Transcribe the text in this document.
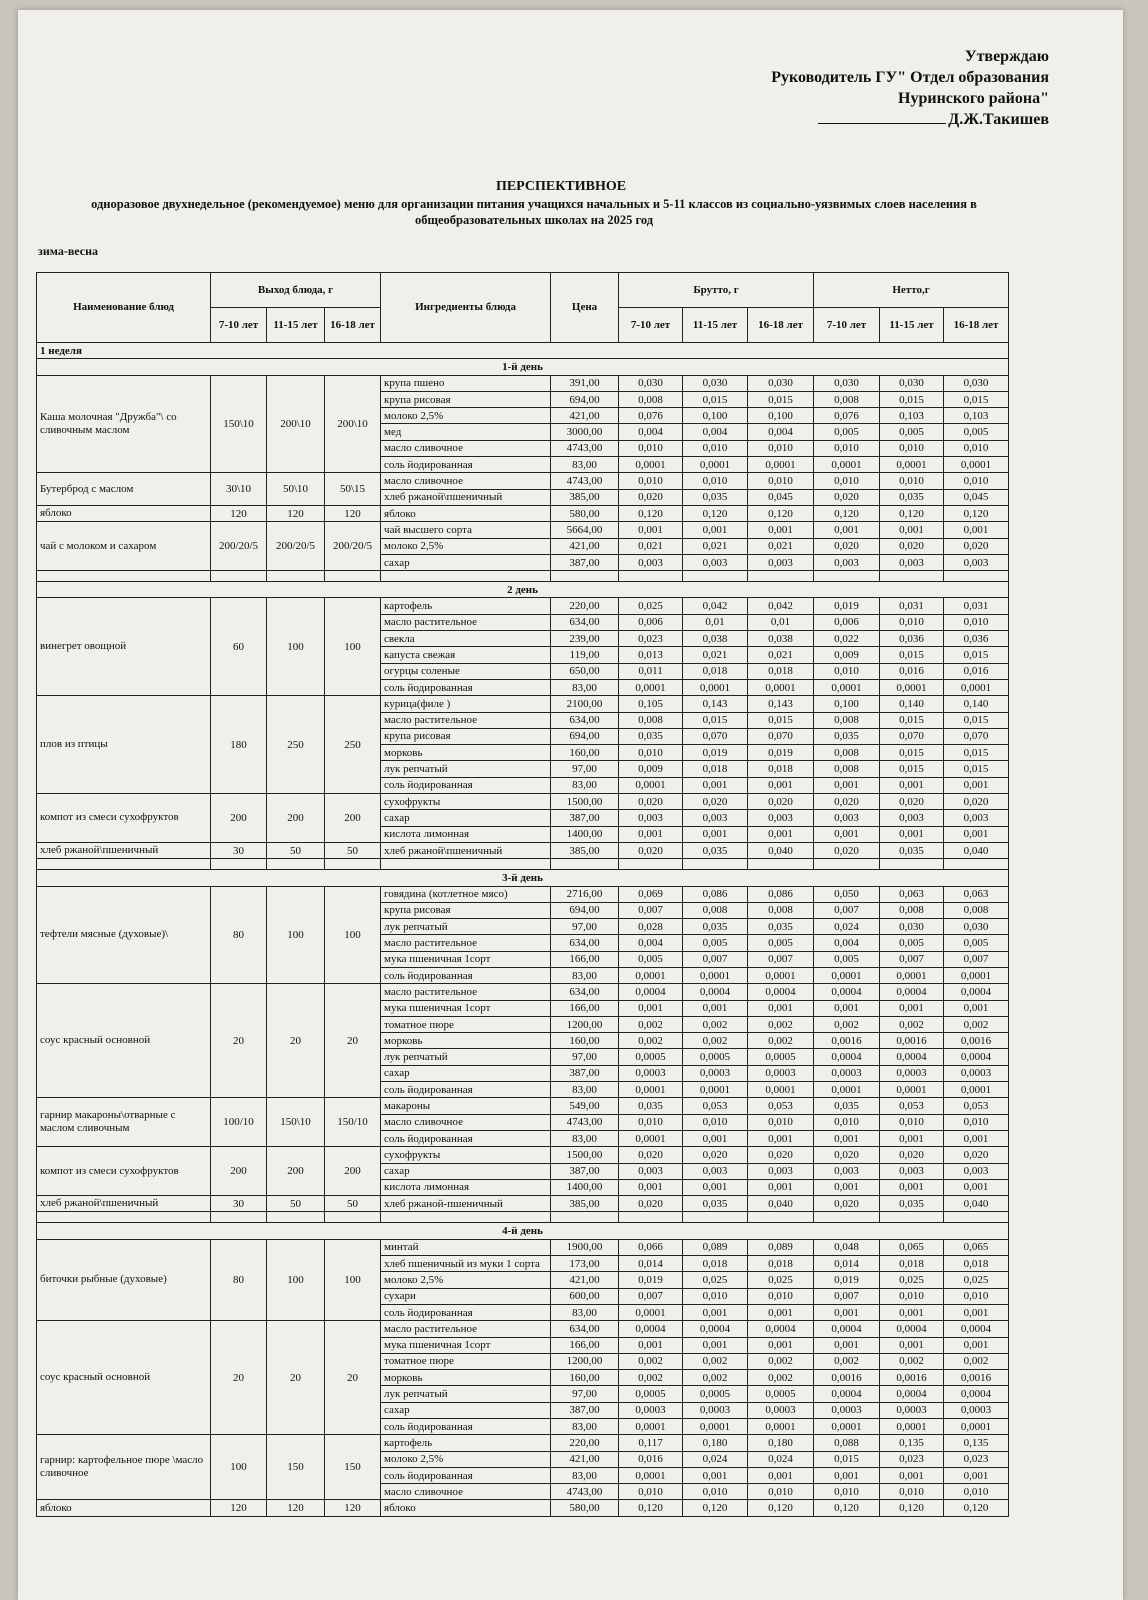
Утверждаю
Руководитель ГУ" Отдел образования
Нуринского района"
Д.Ж.Такишев
ПЕРСПЕКТИВНОЕ
одноразовое двухнедельное (рекомендуемое) меню для организации питания учащихся начальных и 5-11 классов из социально-уязвимых слоев населения в общеобразовательных школах на 2025 год
зима-весна
Наименование блюд	Выход блюда, г			Ингредиенты блюда	Цена	Брутто, г			Нетто,г		
	7-10 лет	11-15 лет	16-18 лет			7-10 лет	11-15 лет	16-18 лет	7-10 лет	11-15 лет	16-18 лет
1 неделя											
1-й день											
Каша молочная "Дружба"\ со сливочным маслом	150\10	200\10	200\10	крупа пшено	391,00	0,030	0,030	0,030	0,030	0,030	0,030
				крупа рисовая	694,00	0,008	0,015	0,015	0,008	0,015	0,015
				молоко 2,5%	421,00	0,076	0,100	0,100	0,076	0,103	0,103
				мед	3000,00	0,004	0,004	0,004	0,005	0,005	0,005
				масло сливочное	4743,00	0,010	0,010	0,010	0,010	0,010	0,010
				соль йодированная	83,00	0,0001	0,0001	0,0001	0,0001	0,0001	0,0001
Бутерброд с маслом	30\10	50\10	50\15	масло сливочное	4743,00	0,010	0,010	0,010	0,010	0,010	0,010
				хлеб ржаной\пшеничный	385,00	0,020	0,035	0,045	0,020	0,035	0,045
яблоко	120	120	120	яблоко	580,00	0,120	0,120	0,120	0,120	0,120	0,120
чай с молоком и сахаром	200/20/5	200/20/5	200/20/5	чай высшего сорта	5664,00	0,001	0,001	0,001	0,001	0,001	0,001
				молоко 2,5%	421,00	0,021	0,021	0,021	0,020	0,020	0,020
				сахар	387,00	0,003	0,003	0,003	0,003	0,003	0,003

2 день											
винегрет овощной	60	100	100	картофель	220,00	0,025	0,042	0,042	0,019	0,031	0,031
				масло растительное	634,00	0,006	0,01	0,01	0,006	0,010	0,010
				свекла	239,00	0,023	0,038	0,038	0,022	0,036	0,036
				капуста свежая	119,00	0,013	0,021	0,021	0,009	0,015	0,015
				огурцы соленые	650,00	0,011	0,018	0,018	0,010	0,016	0,016
				соль йодированная	83,00	0,0001	0,0001	0,0001	0,0001	0,0001	0,0001
плов из птицы	180	250	250	курица(филе )	2100,00	0,105	0,143	0,143	0,100	0,140	0,140
				масло растительное	634,00	0,008	0,015	0,015	0,008	0,015	0,015
				крупа рисовая	694,00	0,035	0,070	0,070	0,035	0,070	0,070
				морковь	160,00	0,010	0,019	0,019	0,008	0,015	0,015
				лук репчатый	97,00	0,009	0,018	0,018	0,008	0,015	0,015
				соль йодированная	83,00	0,0001	0,001	0,001	0,001	0,001	0,001
компот из смеси сухофруктов	200	200	200	сухофрукты	1500,00	0,020	0,020	0,020	0,020	0,020	0,020
				сахар	387,00	0,003	0,003	0,003	0,003	0,003	0,003
				кислота лимонная	1400,00	0,001	0,001	0,001	0,001	0,001	0,001
хлеб ржаной\пшеничный	30	50	50	хлеб ржаной\пшеничный	385,00	0,020	0,035	0,040	0,020	0,035	0,040

3-й день											
тефтели мясные (духовые)\	80	100	100	говядина (котлетное мясо)	2716,00	0,069	0,086	0,086	0,050	0,063	0,063
				крупа рисовая	694,00	0,007	0,008	0,008	0,007	0,008	0,008
				лук репчатый	97,00	0,028	0,035	0,035	0,024	0,030	0,030
				масло растительное	634,00	0,004	0,005	0,005	0,004	0,005	0,005
				мука пшеничная 1сорт	166,00	0,005	0,007	0,007	0,005	0,007	0,007
				соль йодированная	83,00	0,0001	0,0001	0,0001	0,0001	0,0001	0,0001
соус красный основной	20	20	20	масло растительное	634,00	0,0004	0,0004	0,0004	0,0004	0,0004	0,0004
				мука пшеничная 1сорт	166,00	0,001	0,001	0,001	0,001	0,001	0,001
				томатное пюре	1200,00	0,002	0,002	0,002	0,002	0,002	0,002
				морковь	160,00	0,002	0,002	0,002	0,0016	0,0016	0,0016
				лук репчатый	97,00	0,0005	0,0005	0,0005	0,0004	0,0004	0,0004
				сахар	387,00	0,0003	0,0003	0,0003	0,0003	0,0003	0,0003
				соль йодированная	83,00	0,0001	0,0001	0,0001	0,0001	0,0001	0,0001
гарнир макароны\отварные с маслом сливочным	100/10	150\10	150/10	макароны	549,00	0,035	0,053	0,053	0,035	0,053	0,053
				масло сливочное	4743,00	0,010	0,010	0,010	0,010	0,010	0,010
				соль йодированная	83,00	0,0001	0,001	0,001	0,001	0,001	0,001
компот из смеси сухофруктов	200	200	200	сухофрукты	1500,00	0,020	0,020	0,020	0,020	0,020	0,020
				сахар	387,00	0,003	0,003	0,003	0,003	0,003	0,003
				кислота лимонная	1400,00	0,001	0,001	0,001	0,001	0,001	0,001
хлеб ржаной\пшеничный	30	50	50	хлеб ржаной-пшеничный	385,00	0,020	0,035	0,040	0,020	0,035	0,040

4-й день											
биточки рыбные (духовые)	80	100	100	минтай	1900,00	0,066	0,089	0,089	0,048	0,065	0,065
				хлеб пшеничный из муки 1 сорта	173,00	0,014	0,018	0,018	0,014	0,018	0,018
				молоко 2,5%	421,00	0,019	0,025	0,025	0,019	0,025	0,025
				сухари	600,00	0,007	0,010	0,010	0,007	0,010	0,010
				соль йодированная	83,00	0,0001	0,001	0,001	0,001	0,001	0,001
соус красный основной	20	20	20	масло растительное	634,00	0,0004	0,0004	0,0004	0,0004	0,0004	0,0004
				мука пшеничная 1сорт	166,00	0,001	0,001	0,001	0,001	0,001	0,001
				томатное пюре	1200,00	0,002	0,002	0,002	0,002	0,002	0,002
				морковь	160,00	0,002	0,002	0,002	0,0016	0,0016	0,0016
				лук репчатый	97,00	0,0005	0,0005	0,0005	0,0004	0,0004	0,0004
				сахар	387,00	0,0003	0,0003	0,0003	0,0003	0,0003	0,0003
				соль йодированная	83,00	0,0001	0,0001	0,0001	0,0001	0,0001	0,0001
гарнир: картофельное пюре \масло сливочное	100	150	150	картофель	220,00	0,117	0,180	0,180	0,088	0,135	0,135
				молоко 2,5%	421,00	0,016	0,024	0,024	0,015	0,023	0,023
				соль йодированная	83,00	0,0001	0,001	0,001	0,001	0,001	0,001
				масло сливочное	4743,00	0,010	0,010	0,010	0,010	0,010	0,010
яблоко	120	120	120	яблоко	580,00	0,120	0,120	0,120	0,120	0,120	0,120
